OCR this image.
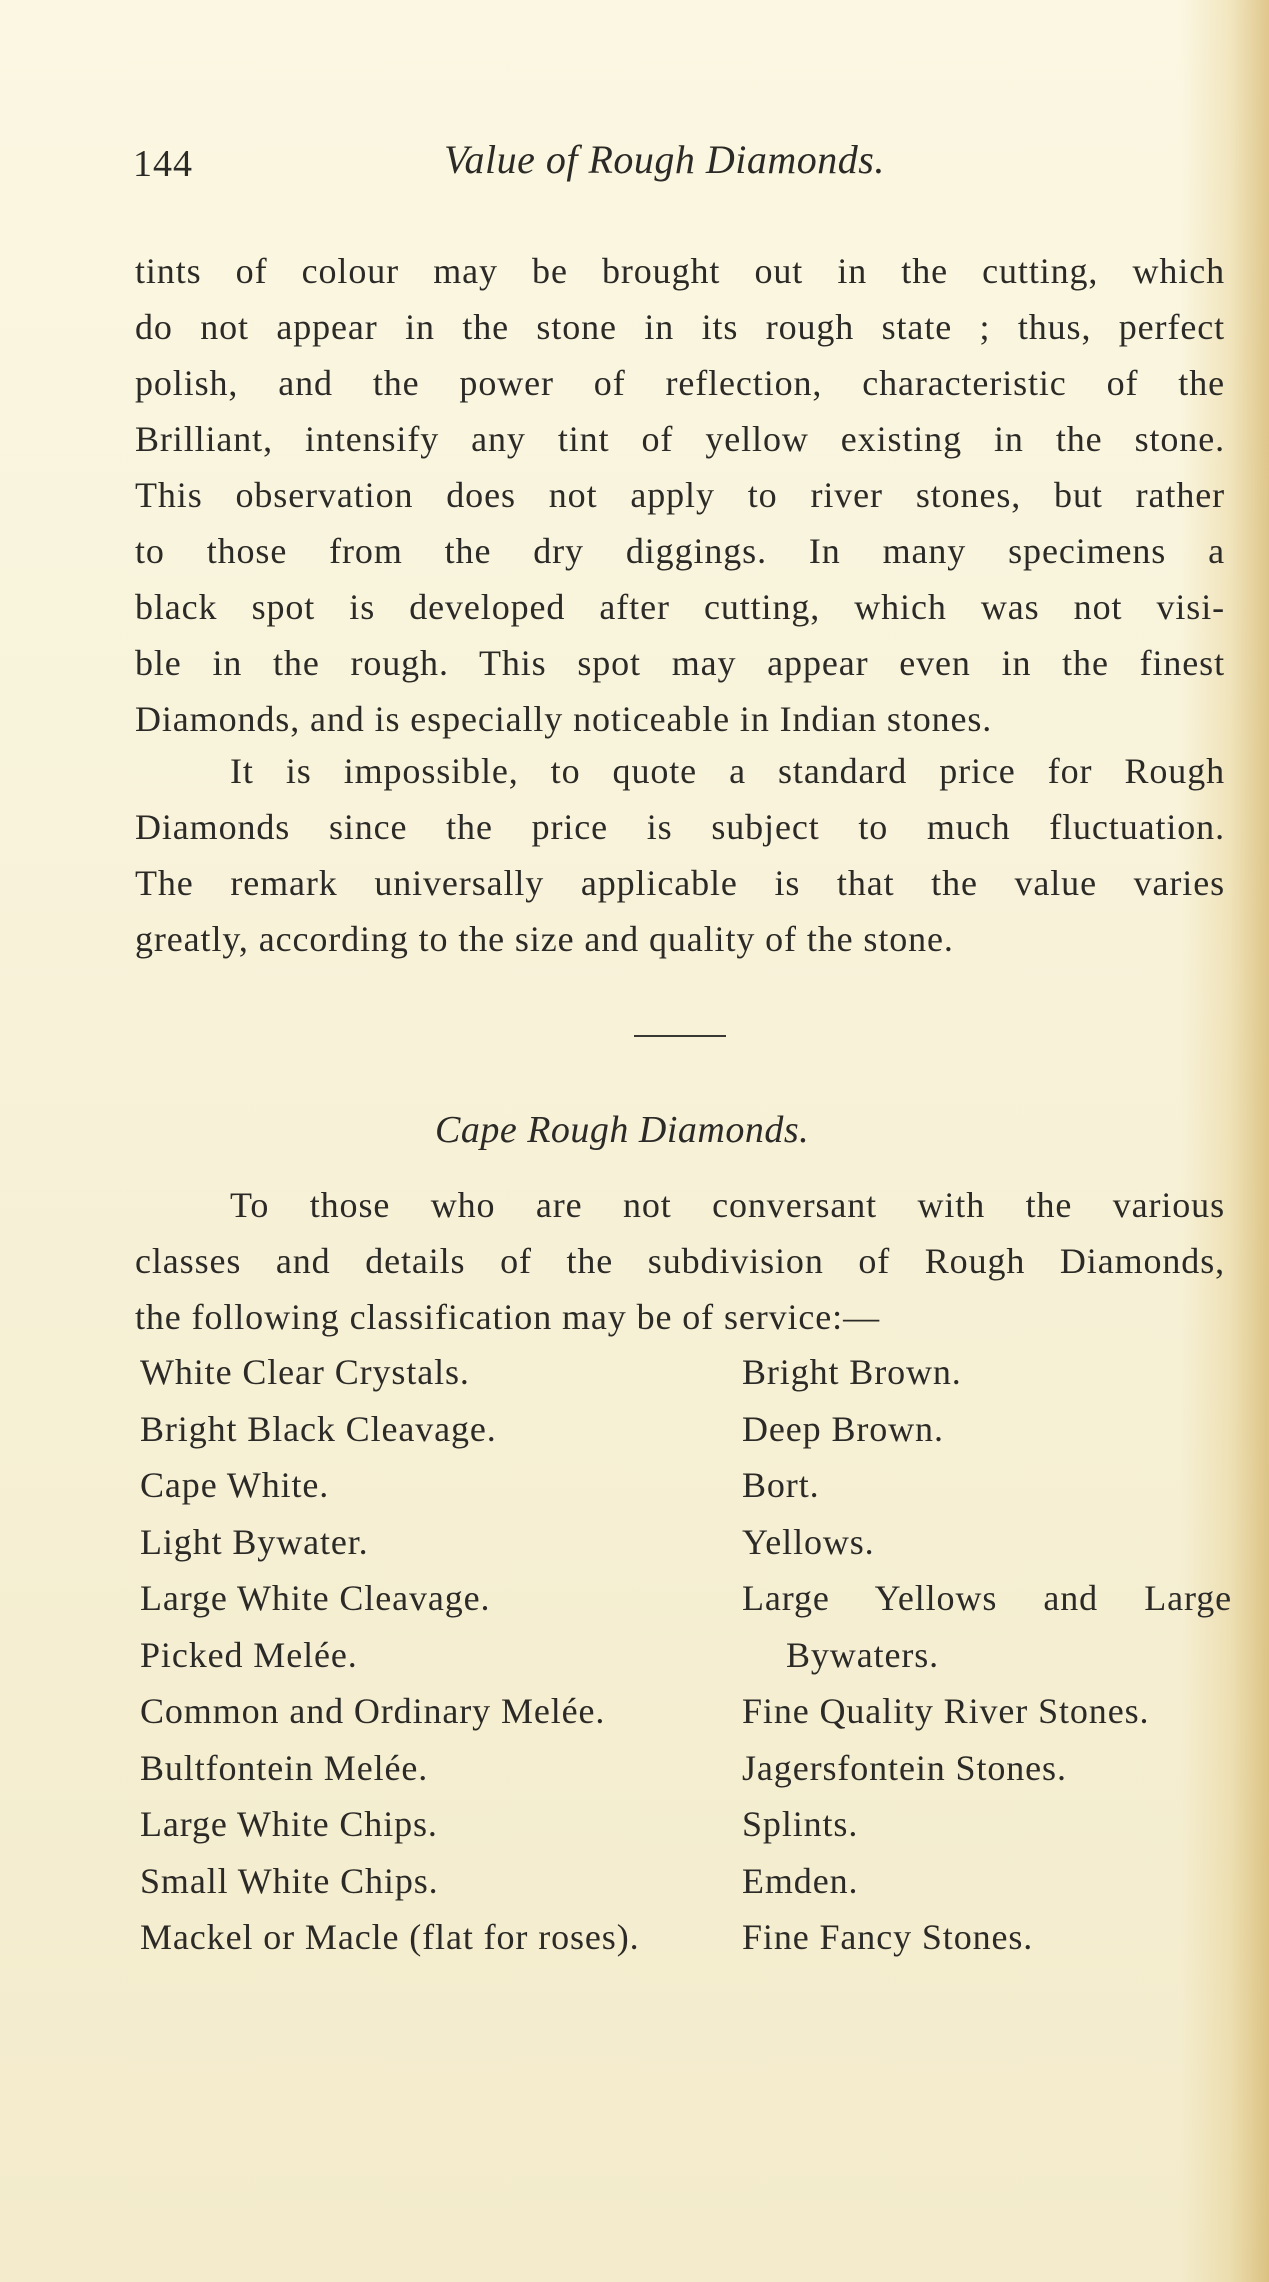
144	Value of Rough Diamonds.
tints of colour may be brought out in the cutting, which
do not appear in the stone in its rough state ; thus, perfect
polish, and the power of reflection, characteristic of the
Brilliant, intensify any tint of yellow existing in the stone.
This observation does not apply to river stones, but rather
to those from the dry diggings. In many specimens a
black spot is developed after cutting, which was not visi-
ble in the rough. This spot may appear even in the finest
Diamonds, and is especially noticeable in Indian stones.
It is impossible, to quote a standard price for Rough
Diamonds since the price is subject to much fluctuation.
The remark universally applicable is that the value varies
greatly, according to the size and quality of the stone.
Cape Rough Diamonds.
To those who are not conversant with the various
classes and details of the subdivision of Rough Diamonds,
the following classification may be of service:—
White Clear Crystals.
Bright Black Cleavage.
Cape White.
Light Bywater.
Large White Cleavage.
Picked Melée.
Common and Ordinary Melée.
Bultfontein Melée.
Large White Chips.
Small White Chips.
Mackel or Macle (flat for roses).
Bright Brown.
Deep Brown.
Bort.
Yellows.
Large Yellows and Large Bywaters.
Fine Quality River Stones.
Jagersfontein Stones.
Splints.
Emden.
Fine Fancy Stones.
